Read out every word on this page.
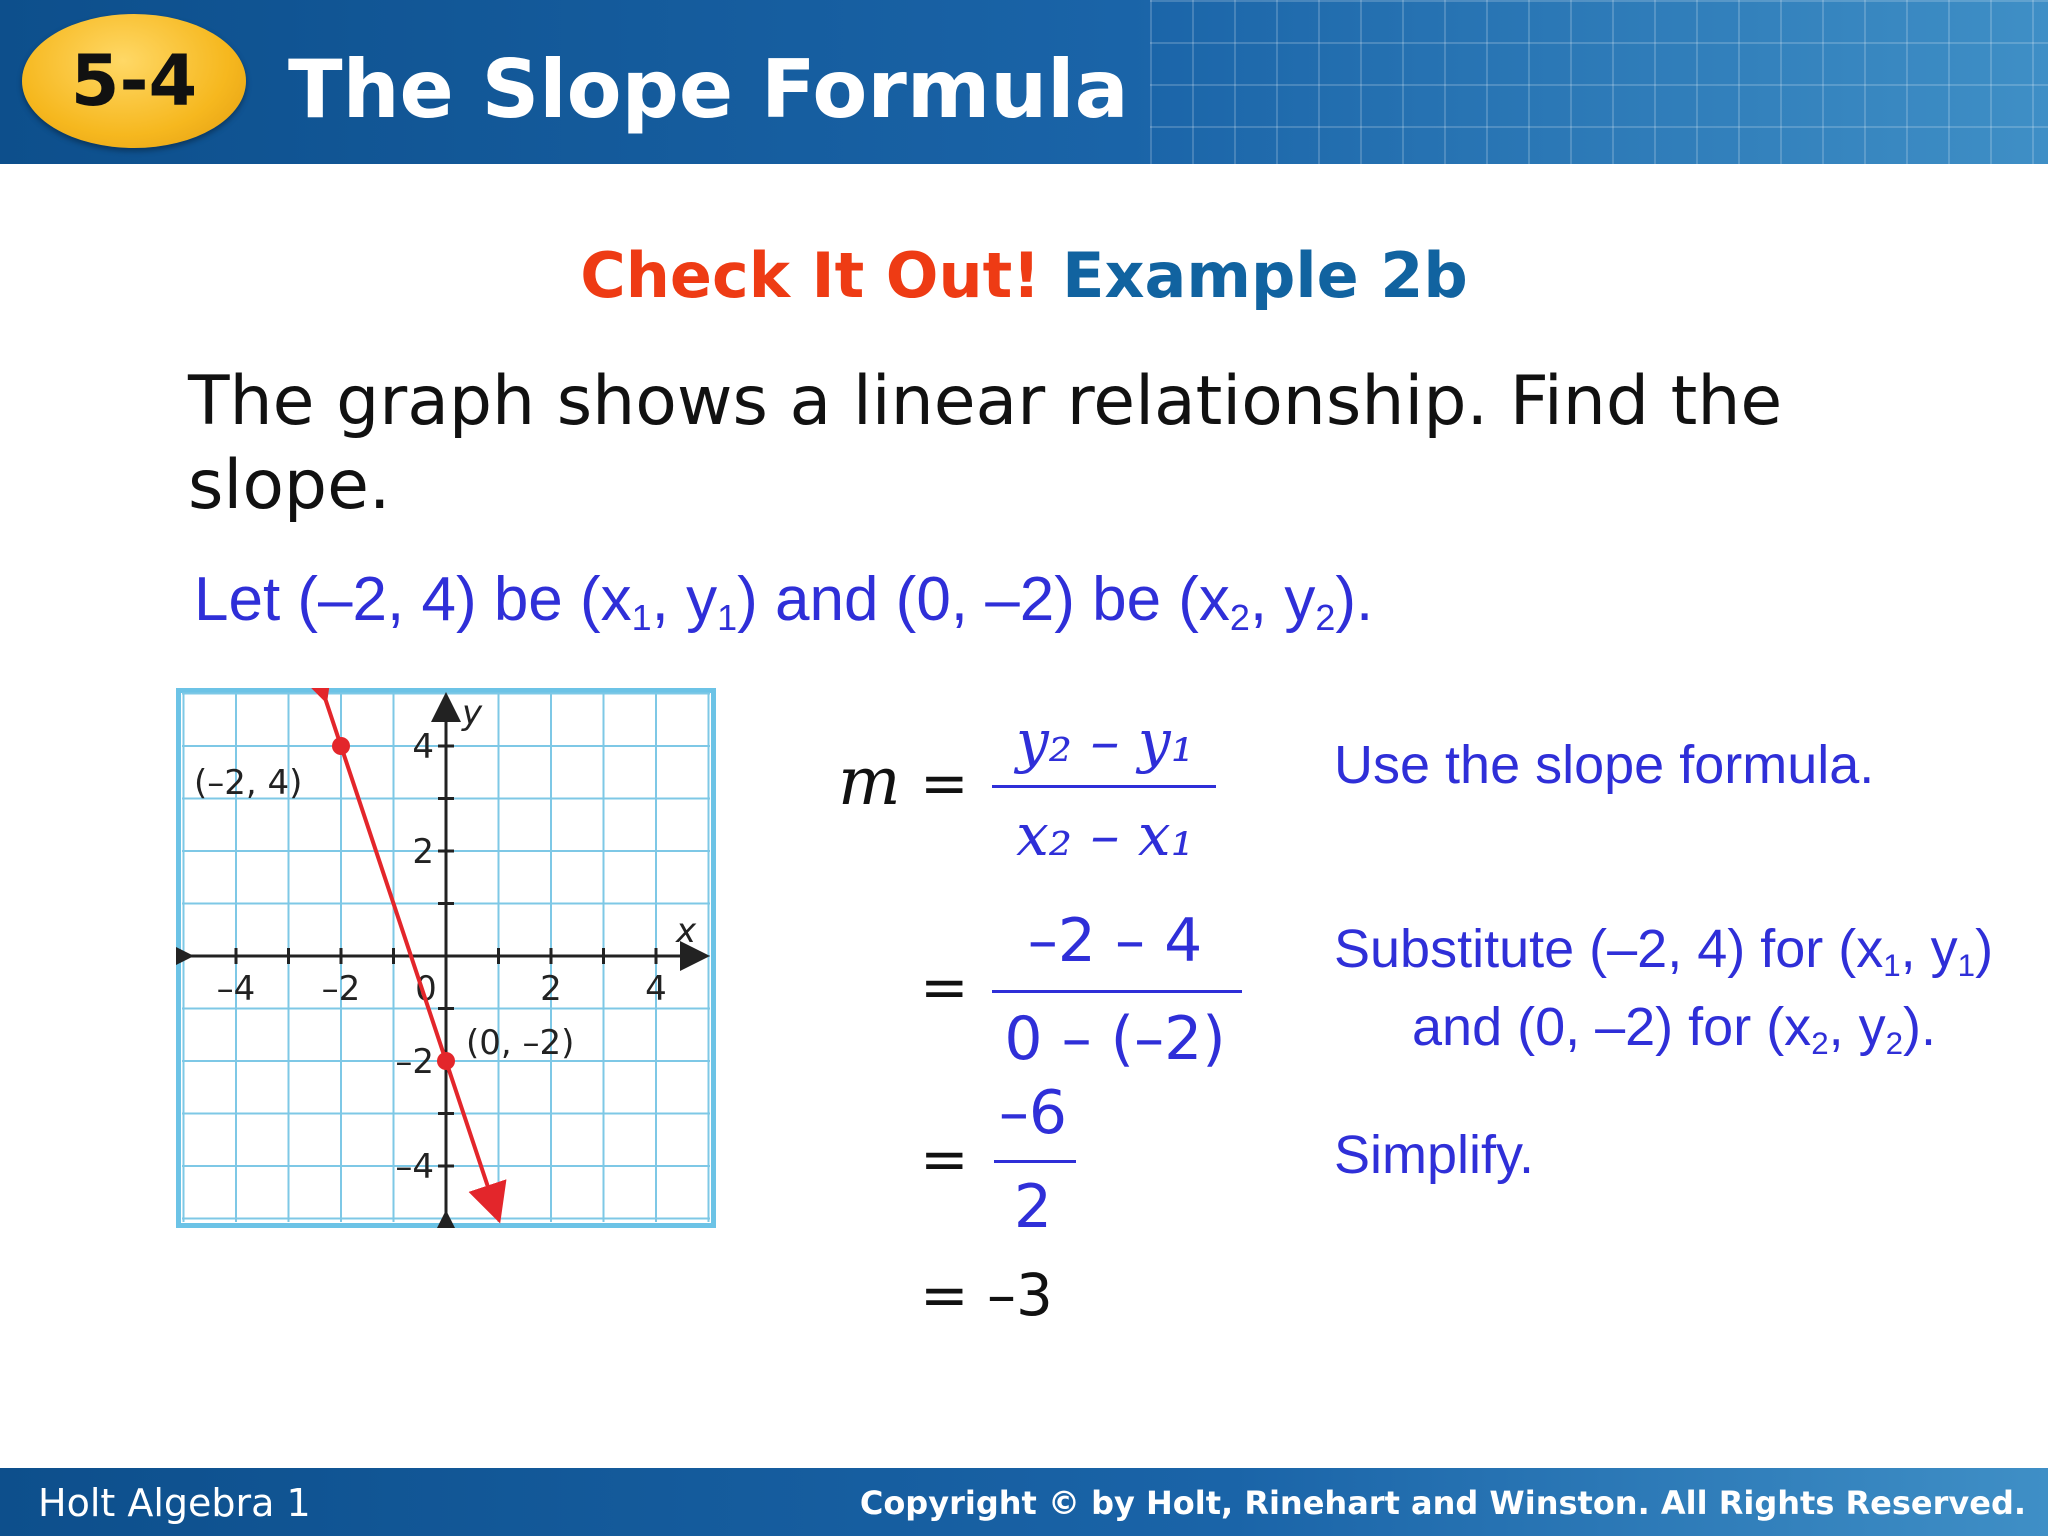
5-4	The Slope Formula
Check It Out! Example 2b
The graph shows a linear relationship. Find the slope.
Let (–2, 4) be ($x_1$, $y_1$) and (0, –2) be ($x_2$, $y_2$).
x
y
–4 –2 0	2 4
4
2
–2
–4
(–2, 4)
(0, –2)
m =
y₂ – y₁
x₂ – x₁
=
–2 – 4
0 – (–2)
=
–6
2
= –3
Use the slope formula.
Substitute (–2, 4) for ($x_1$, $y_1$)
and (0, –2) for ($x_2$, $y_2$).
Simplify.
Holt Algebra 1	Copyright © by Holt, Rinehart and Winston. All Rights Reserved.
